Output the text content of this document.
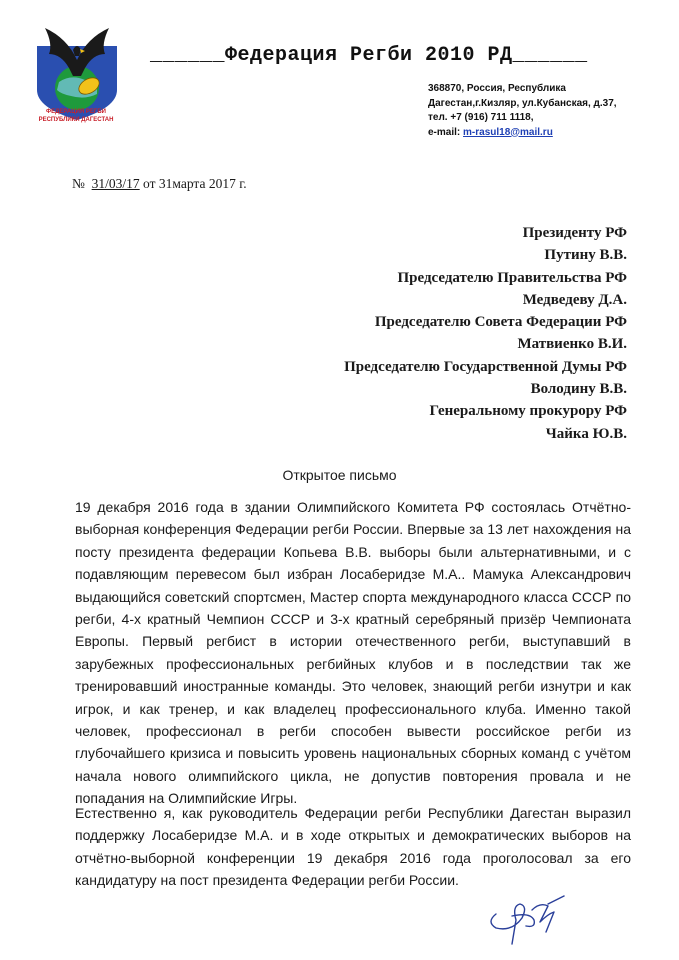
ФЕДЕРАЦИЯ РЕГБИ
РЕСПУБЛИКИ ДАГЕСТАН
______Федерация Регби 2010 РД______
368870, Россия, Республика
Дагестан,г.Кизляр, ул.Кубанская, д.37,
тел. +7 (916) 711 1118,
e-mail: m-rasul18@mail.ru
№ 31/03/17 от 31марта 2017 г.
Президенту РФ
Путину В.В.
Председателю Правительства РФ
Медведеву Д.А.
Председателю Совета Федерации РФ
Матвиенко В.И.
Председателю Государственной Думы РФ
Володину В.В.
Генеральному прокурору РФ
Чайка Ю.В.
Открытое письмо
19 декабря 2016 года в здании Олимпийского Комитета РФ состоялась Отчётно-выборная конференция Федерации регби России. Впервые за 13 лет нахождения на посту президента федерации Копьева В.В. выборы были альтернативными, и с подавляющим перевесом был избран Лосаберидзе М.А.. Мамука Александрович выдающийся советский спортсмен, Мастер спорта международного класса СССР по регби, 4-х кратный Чемпион СССР и 3-х кратный серебряный призёр Чемпионата Европы. Первый регбист в истории отечественного регби, выступавший в зарубежных профессиональных регбийных клубов и в последствии так же тренировавший иностранные команды. Это человек, знающий регби изнутри и как игрок, и как тренер, и как владелец профессионального клуба. Именно такой человек, профессионал в регби способен вывести российское регби из глубочайшего кризиса и повысить уровень национальных сборных команд с учётом начала нового олимпийского цикла, не допустив повторения провала и не попадания на Олимпийские Игры.
Естественно я, как руководитель Федерации регби Республики Дагестан выразил поддержку Лосаберидзе М.А. и в ходе открытых и демократических выборов на отчётно-выборной конференции 19 декабря 2016 года проголосовал за его кандидатуру на пост президента Федерации регби России.
